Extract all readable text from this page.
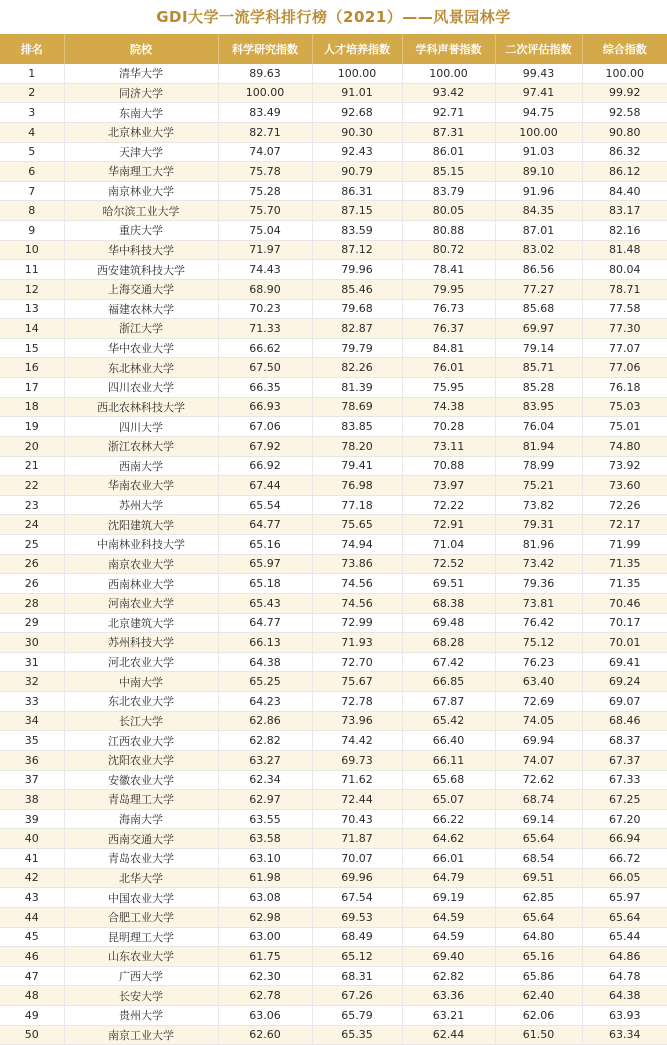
GDI大学一流学科排行榜（2021）——风景园林学
排名	院校	科学研究指数	人才培养指数	学科声誉指数	二次评估指数	综合指数
1	清华大学	89.63	100.00	100.00	99.43	100.00
2	同济大学	100.00	91.01	93.42	97.41	99.92
3	东南大学	83.49	92.68	92.71	94.75	92.58
4	北京林业大学	82.71	90.30	87.31	100.00	90.80
5	天津大学	74.07	92.43	86.01	91.03	86.32
6	华南理工大学	75.78	90.79	85.15	89.10	86.12
7	南京林业大学	75.28	86.31	83.79	91.96	84.40
8	哈尔滨工业大学	75.70	87.15	80.05	84.35	83.17
9	重庆大学	75.04	83.59	80.88	87.01	82.16
10	华中科技大学	71.97	87.12	80.72	83.02	81.48
11	西安建筑科技大学	74.43	79.96	78.41	86.56	80.04
12	上海交通大学	68.90	85.46	79.95	77.27	78.71
13	福建农林大学	70.23	79.68	76.73	85.68	77.58
14	浙江大学	71.33	82.87	76.37	69.97	77.30
15	华中农业大学	66.62	79.79	84.81	79.14	77.07
16	东北林业大学	67.50	82.26	76.01	85.71	77.06
17	四川农业大学	66.35	81.39	75.95	85.28	76.18
18	西北农林科技大学	66.93	78.69	74.38	83.95	75.03
19	四川大学	67.06	83.85	70.28	76.04	75.01
20	浙江农林大学	67.92	78.20	73.11	81.94	74.80
21	西南大学	66.92	79.41	70.88	78.99	73.92
22	华南农业大学	67.44	76.98	73.97	75.21	73.60
23	苏州大学	65.54	77.18	72.22	73.82	72.26
24	沈阳建筑大学	64.77	75.65	72.91	79.31	72.17
25	中南林业科技大学	65.16	74.94	71.04	81.96	71.99
26	南京农业大学	65.97	73.86	72.52	73.42	71.35
26	西南林业大学	65.18	74.56	69.51	79.36	71.35
28	河南农业大学	65.43	74.56	68.38	73.81	70.46
29	北京建筑大学	64.77	72.99	69.48	76.42	70.17
30	苏州科技大学	66.13	71.93	68.28	75.12	70.01
31	河北农业大学	64.38	72.70	67.42	76.23	69.41
32	中南大学	65.25	75.67	66.85	63.40	69.24
33	东北农业大学	64.23	72.78	67.87	72.69	69.07
34	长江大学	62.86	73.96	65.42	74.05	68.46
35	江西农业大学	62.82	74.42	66.40	69.94	68.37
36	沈阳农业大学	63.27	69.73	66.11	74.07	67.37
37	安徽农业大学	62.34	71.62	65.68	72.62	67.33
38	青岛理工大学	62.97	72.44	65.07	68.74	67.25
39	海南大学	63.55	70.43	66.22	69.14	67.20
40	西南交通大学	63.58	71.87	64.62	65.64	66.94
41	青岛农业大学	63.10	70.07	66.01	68.54	66.72
42	北华大学	61.98	69.96	64.79	69.51	66.05
43	中国农业大学	63.08	67.54	69.19	62.85	65.97
44	合肥工业大学	62.98	69.53	64.59	65.64	65.64
45	昆明理工大学	63.00	68.49	64.59	64.80	65.44
46	山东农业大学	61.75	65.12	69.40	65.16	64.86
47	广西大学	62.30	68.31	62.82	65.86	64.78
48	长安大学	62.78	67.26	63.36	62.40	64.38
49	贵州大学	63.06	65.79	63.21	62.06	63.93
50	南京工业大学	62.60	65.35	62.44	61.50	63.34
